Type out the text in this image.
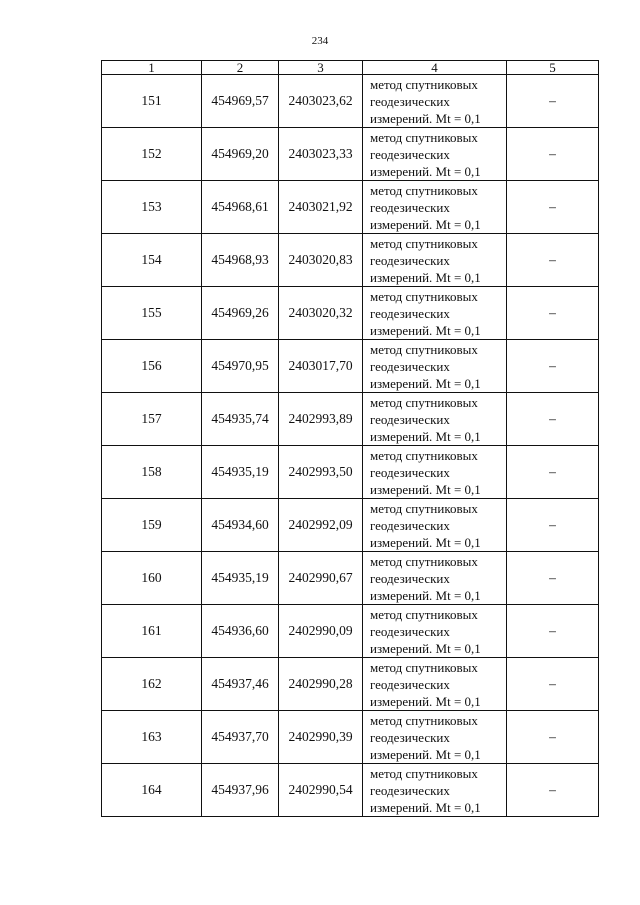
234
1	2	3	4	5
151	454969,57	2403023,62	метод спутниковых
геодезических
измерений. Mt = 0,1	–
152	454969,20	2403023,33	метод спутниковых
геодезических
измерений. Mt = 0,1	–
153	454968,61	2403021,92	метод спутниковых
геодезических
измерений. Mt = 0,1	–
154	454968,93	2403020,83	метод спутниковых
геодезических
измерений. Mt = 0,1	–
155	454969,26	2403020,32	метод спутниковых
геодезических
измерений. Mt = 0,1	–
156	454970,95	2403017,70	метод спутниковых
геодезических
измерений. Mt = 0,1	–
157	454935,74	2402993,89	метод спутниковых
геодезических
измерений. Mt = 0,1	–
158	454935,19	2402993,50	метод спутниковых
геодезических
измерений. Mt = 0,1	–
159	454934,60	2402992,09	метод спутниковых
геодезических
измерений. Mt = 0,1	–
160	454935,19	2402990,67	метод спутниковых
геодезических
измерений. Mt = 0,1	–
161	454936,60	2402990,09	метод спутниковых
геодезических
измерений. Mt = 0,1	–
162	454937,46	2402990,28	метод спутниковых
геодезических
измерений. Mt = 0,1	–
163	454937,70	2402990,39	метод спутниковых
геодезических
измерений. Mt = 0,1	–
164	454937,96	2402990,54	метод спутниковых
геодезических
измерений. Mt = 0,1	–
